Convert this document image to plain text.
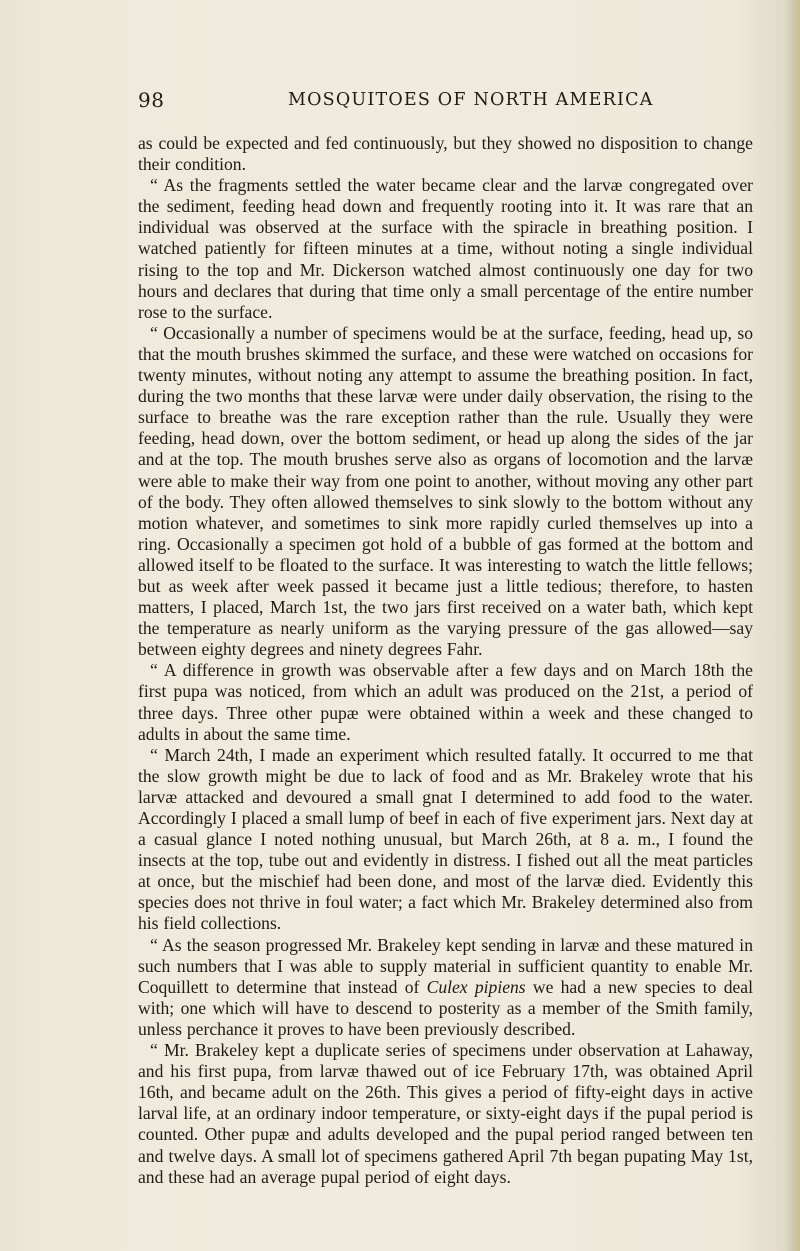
98	MOSQUITOES OF NORTH AMERICA

as could be expected and fed continuously, but they showed no disposition to change their condition.

“ As the fragments settled the water became clear and the larvæ congregated over the sediment, feeding head down and frequently rooting into it. It was rare that an individual was observed at the surface with the spiracle in breathing position. I watched patiently for fifteen minutes at a time, without noting a single individual rising to the top and Mr. Dickerson watched almost continuously one day for two hours and declares that during that time only a small percentage of the entire number rose to the surface.

“ Occasionally a number of specimens would be at the surface, feeding, head up, so that the mouth brushes skimmed the surface, and these were watched on occasions for twenty minutes, without noting any attempt to assume the breathing position. In fact, during the two months that these larvæ were under daily observation, the rising to the surface to breathe was the rare exception rather than the rule. Usually they were feeding, head down, over the bottom sediment, or head up along the sides of the jar and at the top. The mouth brushes serve also as organs of locomotion and the larvæ were able to make their way from one point to another, without moving any other part of the body. They often allowed themselves to sink slowly to the bottom without any motion whatever, and sometimes to sink more rapidly curled themselves up into a ring. Occasionally a specimen got hold of a bubble of gas formed at the bottom and allowed itself to be floated to the surface. It was interesting to watch the little fellows; but as week after week passed it became just a little tedious; therefore, to hasten matters, I placed, March 1st, the two jars first received on a water bath, which kept the temperature as nearly uniform as the varying pressure of the gas allowed—say between eighty degrees and ninety degrees Fahr.

“ A difference in growth was observable after a few days and on March 18th the first pupa was noticed, from which an adult was produced on the 21st, a period of three days. Three other pupæ were obtained within a week and these changed to adults in about the same time.

“ March 24th, I made an experiment which resulted fatally. It occurred to me that the slow growth might be due to lack of food and as Mr. Brakeley wrote that his larvæ attacked and devoured a small gnat I determined to add food to the water. Accordingly I placed a small lump of beef in each of five experiment jars. Next day at a casual glance I noted nothing unusual, but March 26th, at 8 a. m., I found the insects at the top, tube out and evidently in distress. I fished out all the meat particles at once, but the mischief had been done, and most of the larvæ died. Evidently this species does not thrive in foul water; a fact which Mr. Brakeley determined also from his field collections.

“ As the season progressed Mr. Brakeley kept sending in larvæ and these matured in such numbers that I was able to supply material in sufficient quantity to enable Mr. Coquillett to determine that instead of Culex pipiens we had a new species to deal with; one which will have to descend to posterity as a member of the Smith family, unless perchance it proves to have been previously described.

“ Mr. Brakeley kept a duplicate series of specimens under observation at Lahaway, and his first pupa, from larvæ thawed out of ice February 17th, was obtained April 16th, and became adult on the 26th. This gives a period of fifty-eight days in active larval life, at an ordinary indoor temperature, or sixty-eight days if the pupal period is counted. Other pupæ and adults developed and the pupal period ranged between ten and twelve days. A small lot of specimens gathered April 7th began pupating May 1st, and these had an average pupal period of eight days.
